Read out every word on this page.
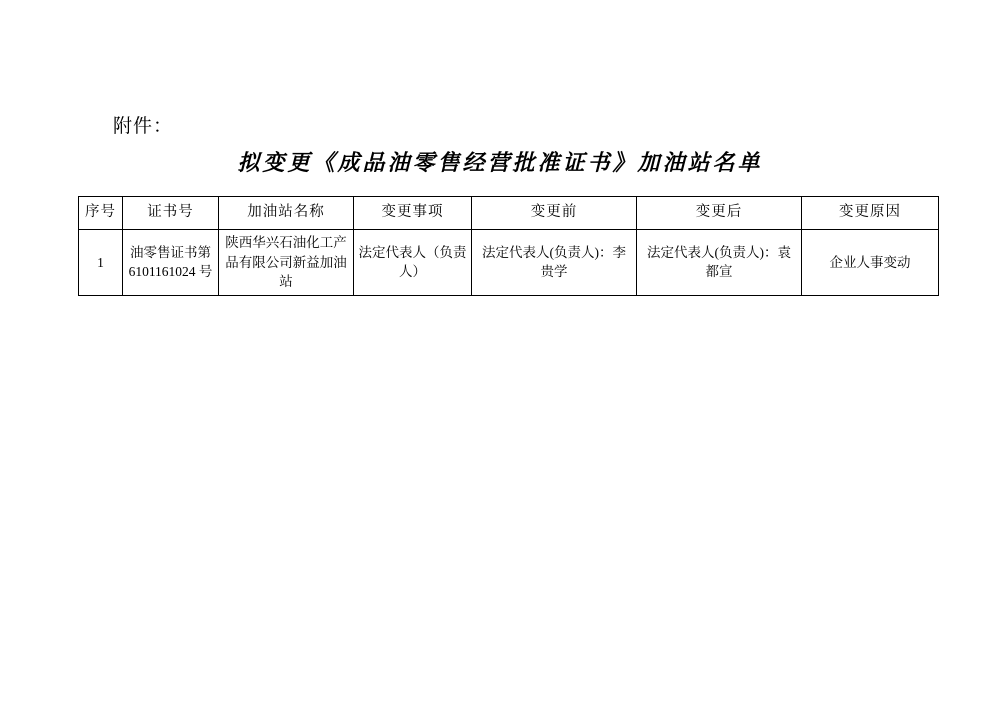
附件：
拟变更《成品油零售经营批准证书》加油站名单
序号	证书号	加油站名称	变更事项	变更前	变更后	变更原因
1	油零售证书第 6101161024 号	陕西华兴石油化工产品有限公司新益加油站	法定代表人（负责人）	法定代表人(负责人)：李贵学	法定代表人(负责人)：袁都宣	企业人事变动
